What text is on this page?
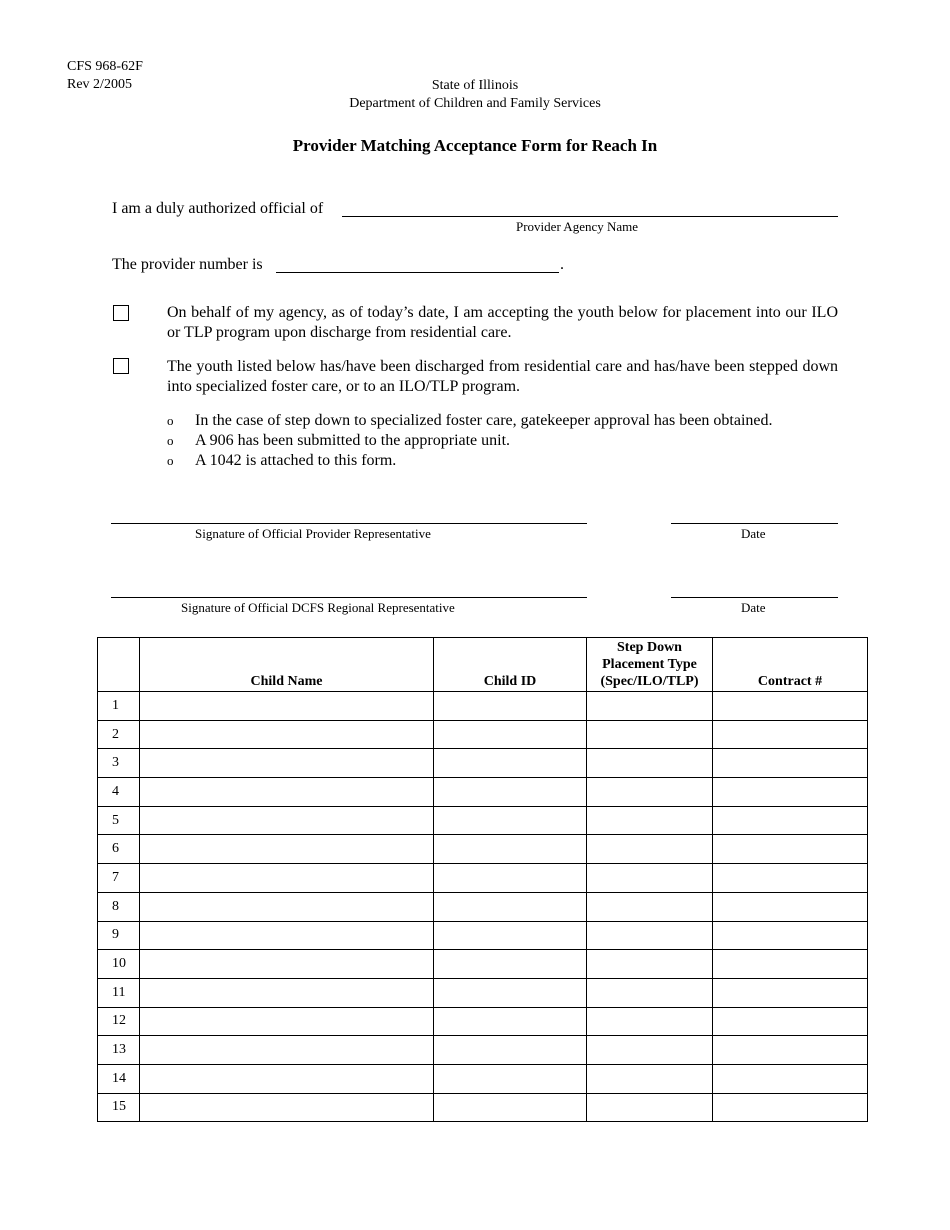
CFS 968-62F
Rev 2/2005	State of Illinois
Department of Children and Family Services
Provider Matching Acceptance Form for Reach In
I am a duly authorized official of
Provider Agency Name
The provider number is	.
On behalf of my agency, as of today’s date, I am accepting the youth below for placement into our ILO or TLP program upon discharge from residential care.
The youth listed below has/have been discharged from residential care and has/have been stepped down into specialized foster care, or to an ILO/TLP program.
o In the case of step down to specialized foster care, gatekeeper approval has been obtained.
o A 906 has been submitted to the appropriate unit.
o A 1042 is attached to this form.
Signature of Official Provider Representative	Date
Signature of Official DCFS Regional Representative	Date
	Child Name	Child ID	Step Down
Placement Type
(Spec/ILO/TLP)	Contract #
1				
2				
3				
4				
5				
6				
7				
8				
9				
10				
11				
12				
13				
14				
15				
